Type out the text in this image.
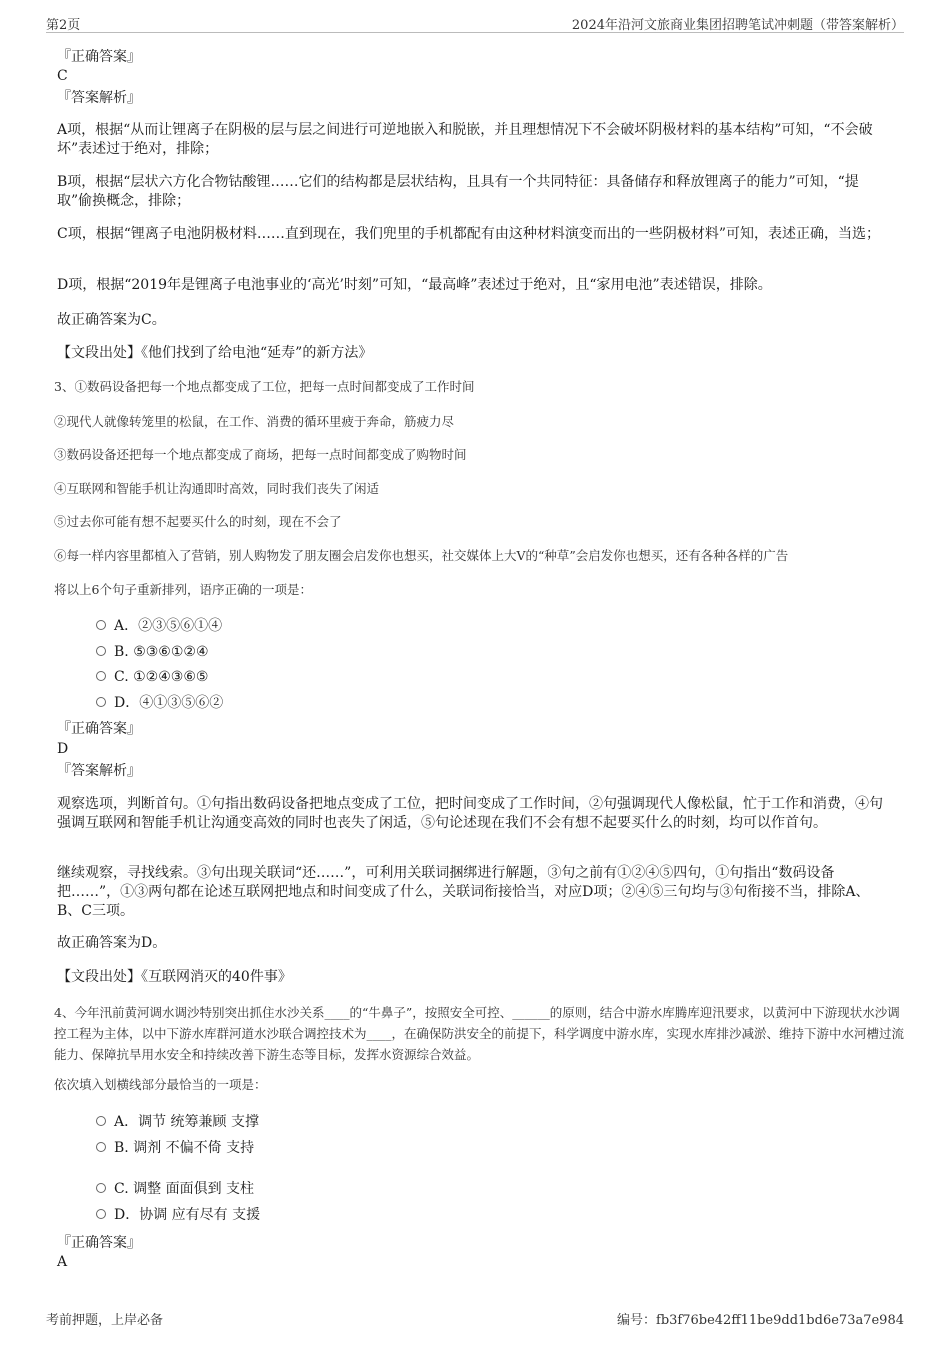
第2页	2024年沿河文旅商业集团招聘笔试冲刺题（带答案解析）

『正确答案』

C

『答案解析』

A项，根据“从而让锂离子在阴极的层与层之间进行可逆地嵌入和脱嵌，并且理想情况下不会破坏阴极材料的基本结构”可知，“不会破坏”表述过于绝对，排除；

B项，根据“层状六方化合物钴酸锂……它们的结构都是层状结构，且具有一个共同特征：具备储存和释放锂离子的能力”可知，“提取”偷换概念，排除；

C项，根据“锂离子电池阴极材料……直到现在，我们兜里的手机都配有由这种材料演变而出的一些阴极材料”可知，表述正确，当选；

D项，根据“2019年是锂离子电池事业的‘高光’时刻”可知，“最高峰”表述过于绝对，且“家用电池”表述错误，排除。

故正确答案为C。

【文段出处】《他们找到了给电池“延寿”的新方法》

3、①数码设备把每一个地点都变成了工位，把每一点时间都变成了工作时间

②现代人就像转笼里的松鼠，在工作、消费的循环里疲于奔命，筋疲力尽

③数码设备还把每一个地点都变成了商场，把每一点时间都变成了购物时间

④互联网和智能手机让沟通即时高效，同时我们丧失了闲适

⑤过去你可能有想不起要买什么的时刻，现在不会了

⑥每一样内容里都植入了营销，别人购物发了朋友圈会启发你也想买，社交媒体上大V的“种草”会启发你也想买，还有各种各样的广告

将以上6个句子重新排列，语序正确的一项是：

A．②③⑤⑥①④
B. ⑤③⑥①②④
C. ①②④③⑥⑤
D．④①③⑤⑥②

『正确答案』

D

『答案解析』

观察选项，判断首句。①句指出数码设备把地点变成了工位，把时间变成了工作时间，②句强调现代人像松鼠，忙于工作和消费，④句强调互联网和智能手机让沟通变高效的同时也丧失了闲适，⑤句论述现在我们不会有想不起要买什么的时刻，均可以作首句。

继续观察，寻找线索。③句出现关联词“还……”，可利用关联词捆绑进行解题，③句之前有①②④⑤四句，①句指出“数码设备把……”，①③两句都在论述互联网把地点和时间变成了什么，关联词衔接恰当，对应D项；②④⑤三句均与③句衔接不当，排除A、B、C三项。

故正确答案为D。

【文段出处】《互联网消灭的40件事》

4、今年汛前黄河调水调沙特别突出抓住水沙关系____的“牛鼻子”，按照安全可控、______的原则，结合中游水库腾库迎汛要求，以黄河中下游现状水沙调控工程为主体，以中下游水库群河道水沙联合调控技术为____，在确保防洪安全的前提下，科学调度中游水库，实现水库排沙减淤、维持下游中水河槽过流能力、保障抗旱用水安全和持续改善下游生态等目标，发挥水资源综合效益。

依次填入划横线部分最恰当的一项是：

A．调节 统筹兼顾 支撑
B. 调剂 不偏不倚 支持
C. 调整 面面俱到 支柱
D．协调 应有尽有 支援

『正确答案』

A

考前押题，上岸必备	编号：fb3f76be42ff11be9dd1bd6e73a7e984
